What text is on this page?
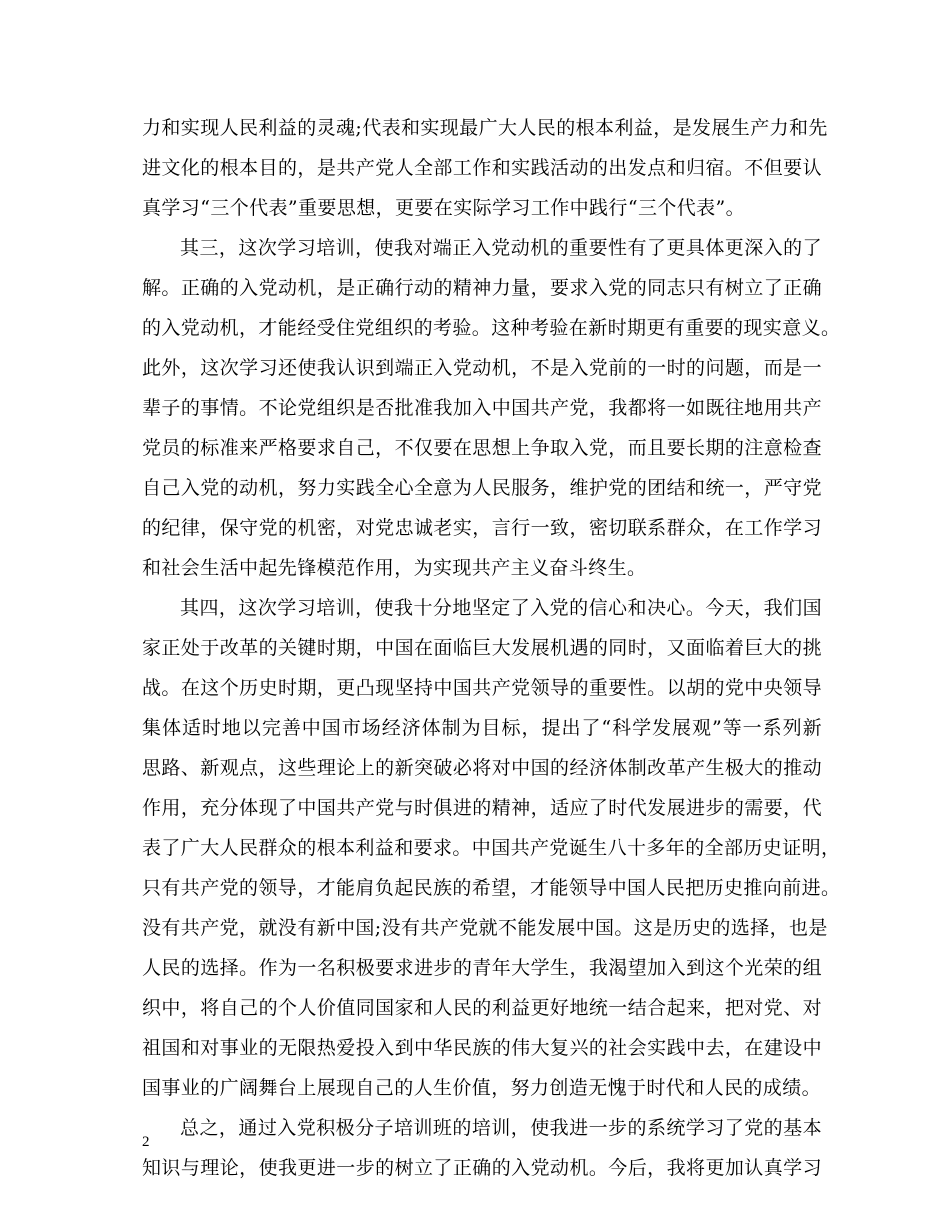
力和实现人民利益的灵魂;代表和实现最广大人民的根本利益，是发展生产力和先
进文化的根本目的，是共产党人全部工作和实践活动的出发点和归宿。不但要认
真学习“三个代表”重要思想，更要在实际学习工作中践行“三个代表”。
其三，这次学习培训，使我对端正入党动机的重要性有了更具体更深入的了
解。正确的入党动机，是正确行动的精神力量，要求入党的同志只有树立了正确
的入党动机，才能经受住党组织的考验。这种考验在新时期更有重要的现实意义。
此外，这次学习还使我认识到端正入党动机，不是入党前的一时的问题，而是一
辈子的事情。不论党组织是否批准我加入中国共产党，我都将一如既往地用共产
党员的标准来严格要求自己，不仅要在思想上争取入党，而且要长期的注意检查
自己入党的动机，努力实践全心全意为人民服务，维护党的团结和统一，严守党
的纪律，保守党的机密，对党忠诚老实，言行一致，密切联系群众，在工作学习
和社会生活中起先锋模范作用，为实现共产主义奋斗终生。
其四，这次学习培训，使我十分地坚定了入党的信心和决心。今天，我们国
家正处于改革的关键时期，中国在面临巨大发展机遇的同时，又面临着巨大的挑
战。在这个历史时期，更凸现坚持中国共产党领导的重要性。以胡的党中央领导
集体适时地以完善中国市场经济体制为目标，提出了“科学发展观”等一系列新
思路、新观点，这些理论上的新突破必将对中国的经济体制改革产生极大的推动
作用，充分体现了中国共产党与时俱进的精神，适应了时代发展进步的需要，代
表了广大人民群众的根本利益和要求。中国共产党诞生八十多年的全部历史证明，
只有共产党的领导，才能肩负起民族的希望，才能领导中国人民把历史推向前进。
没有共产党，就没有新中国;没有共产党就不能发展中国。这是历史的选择，也是
人民的选择。作为一名积极要求进步的青年大学生，我渴望加入到这个光荣的组
织中，将自己的个人价值同国家和人民的利益更好地统一结合起来，把对党、对
祖国和对事业的无限热爱投入到中华民族的伟大复兴的社会实践中去，在建设中
国事业的广阔舞台上展现自己的人生价值，努力创造无愧于时代和人民的成绩。
总之，通过入党积极分子培训班的培训，使我进一步的系统学习了党的基本
知识与理论，使我更进一步的树立了正确的入党动机。今后，我将更加认真学习
2
